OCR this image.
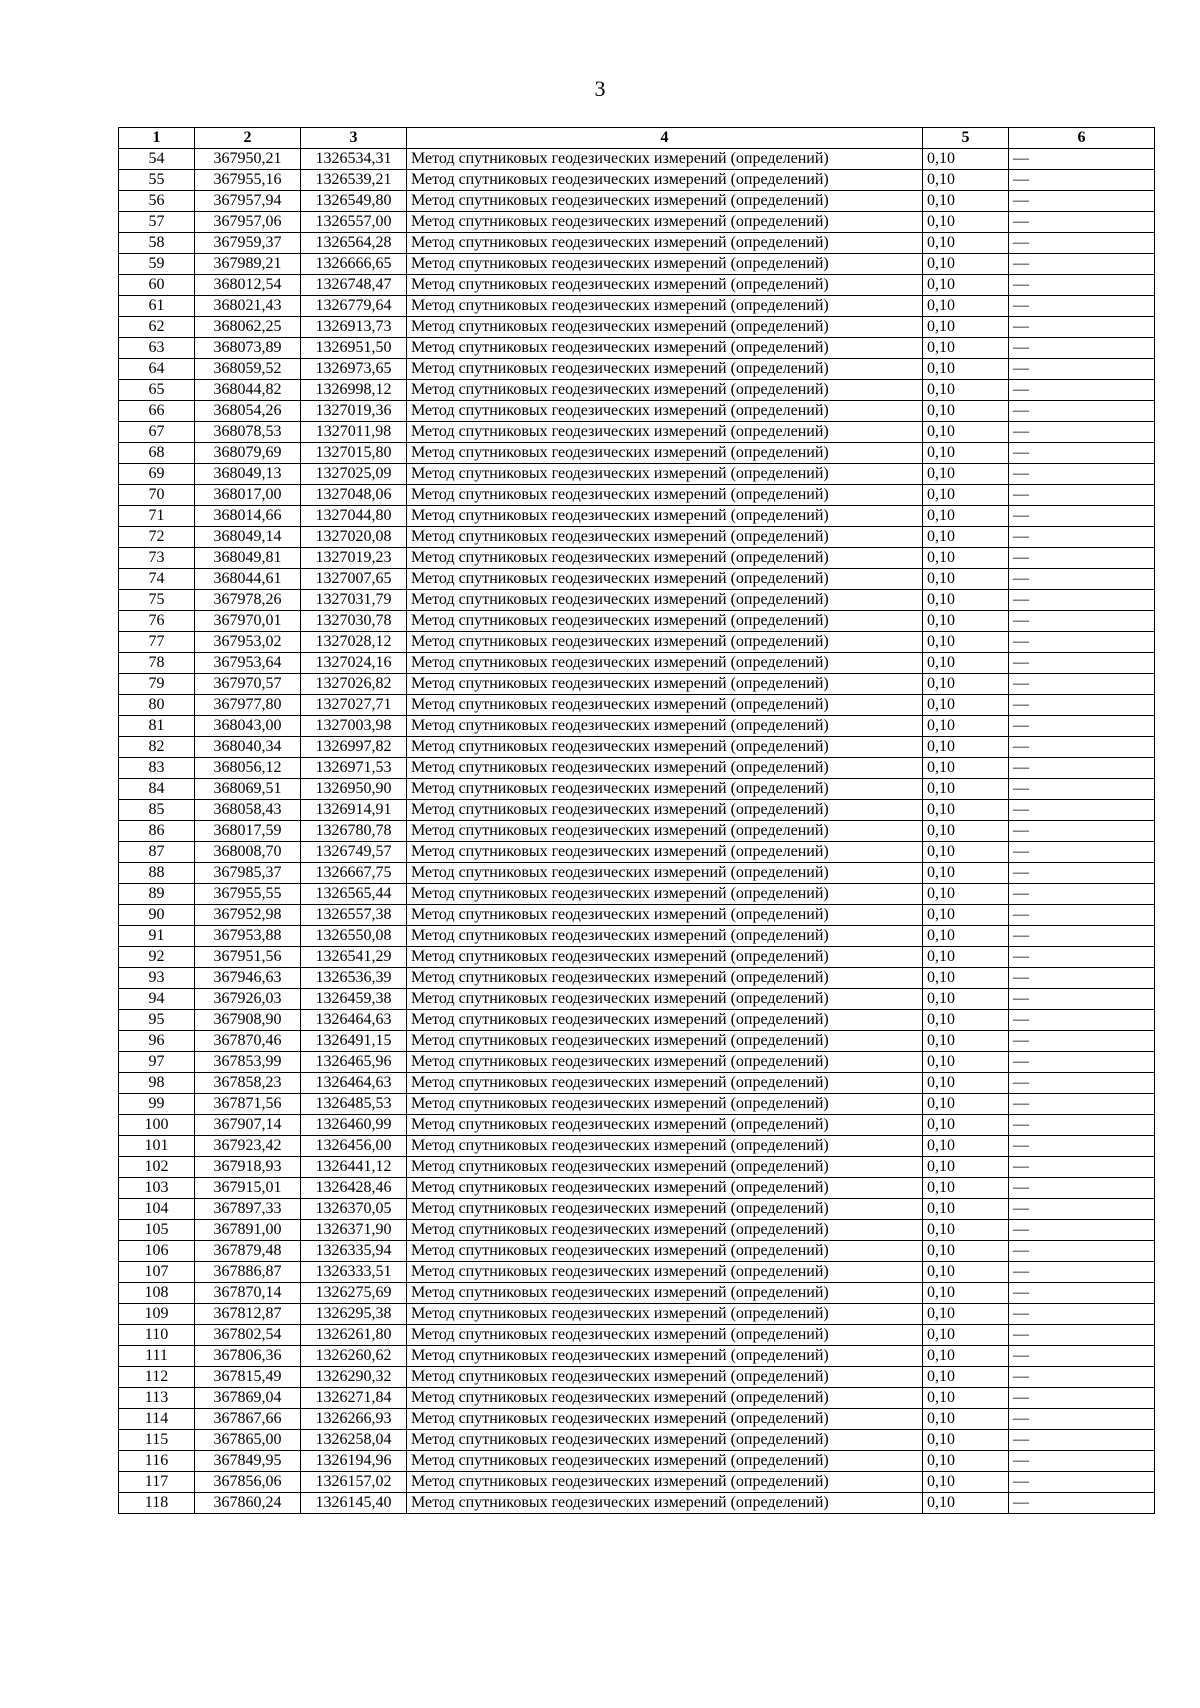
3
1	2	3	4	5	6
54	367950,21	1326534,31	Метод спутниковых геодезических измерений (определений)	0,10	—
55	367955,16	1326539,21	Метод спутниковых геодезических измерений (определений)	0,10	—
56	367957,94	1326549,80	Метод спутниковых геодезических измерений (определений)	0,10	—
57	367957,06	1326557,00	Метод спутниковых геодезических измерений (определений)	0,10	—
58	367959,37	1326564,28	Метод спутниковых геодезических измерений (определений)	0,10	—
59	367989,21	1326666,65	Метод спутниковых геодезических измерений (определений)	0,10	—
60	368012,54	1326748,47	Метод спутниковых геодезических измерений (определений)	0,10	—
61	368021,43	1326779,64	Метод спутниковых геодезических измерений (определений)	0,10	—
62	368062,25	1326913,73	Метод спутниковых геодезических измерений (определений)	0,10	—
63	368073,89	1326951,50	Метод спутниковых геодезических измерений (определений)	0,10	—
64	368059,52	1326973,65	Метод спутниковых геодезических измерений (определений)	0,10	—
65	368044,82	1326998,12	Метод спутниковых геодезических измерений (определений)	0,10	—
66	368054,26	1327019,36	Метод спутниковых геодезических измерений (определений)	0,10	—
67	368078,53	1327011,98	Метод спутниковых геодезических измерений (определений)	0,10	—
68	368079,69	1327015,80	Метод спутниковых геодезических измерений (определений)	0,10	—
69	368049,13	1327025,09	Метод спутниковых геодезических измерений (определений)	0,10	—
70	368017,00	1327048,06	Метод спутниковых геодезических измерений (определений)	0,10	—
71	368014,66	1327044,80	Метод спутниковых геодезических измерений (определений)	0,10	—
72	368049,14	1327020,08	Метод спутниковых геодезических измерений (определений)	0,10	—
73	368049,81	1327019,23	Метод спутниковых геодезических измерений (определений)	0,10	—
74	368044,61	1327007,65	Метод спутниковых геодезических измерений (определений)	0,10	—
75	367978,26	1327031,79	Метод спутниковых геодезических измерений (определений)	0,10	—
76	367970,01	1327030,78	Метод спутниковых геодезических измерений (определений)	0,10	—
77	367953,02	1327028,12	Метод спутниковых геодезических измерений (определений)	0,10	—
78	367953,64	1327024,16	Метод спутниковых геодезических измерений (определений)	0,10	—
79	367970,57	1327026,82	Метод спутниковых геодезических измерений (определений)	0,10	—
80	367977,80	1327027,71	Метод спутниковых геодезических измерений (определений)	0,10	—
81	368043,00	1327003,98	Метод спутниковых геодезических измерений (определений)	0,10	—
82	368040,34	1326997,82	Метод спутниковых геодезических измерений (определений)	0,10	—
83	368056,12	1326971,53	Метод спутниковых геодезических измерений (определений)	0,10	—
84	368069,51	1326950,90	Метод спутниковых геодезических измерений (определений)	0,10	—
85	368058,43	1326914,91	Метод спутниковых геодезических измерений (определений)	0,10	—
86	368017,59	1326780,78	Метод спутниковых геодезических измерений (определений)	0,10	—
87	368008,70	1326749,57	Метод спутниковых геодезических измерений (определений)	0,10	—
88	367985,37	1326667,75	Метод спутниковых геодезических измерений (определений)	0,10	—
89	367955,55	1326565,44	Метод спутниковых геодезических измерений (определений)	0,10	—
90	367952,98	1326557,38	Метод спутниковых геодезических измерений (определений)	0,10	—
91	367953,88	1326550,08	Метод спутниковых геодезических измерений (определений)	0,10	—
92	367951,56	1326541,29	Метод спутниковых геодезических измерений (определений)	0,10	—
93	367946,63	1326536,39	Метод спутниковых геодезических измерений (определений)	0,10	—
94	367926,03	1326459,38	Метод спутниковых геодезических измерений (определений)	0,10	—
95	367908,90	1326464,63	Метод спутниковых геодезических измерений (определений)	0,10	—
96	367870,46	1326491,15	Метод спутниковых геодезических измерений (определений)	0,10	—
97	367853,99	1326465,96	Метод спутниковых геодезических измерений (определений)	0,10	—
98	367858,23	1326464,63	Метод спутниковых геодезических измерений (определений)	0,10	—
99	367871,56	1326485,53	Метод спутниковых геодезических измерений (определений)	0,10	—
100	367907,14	1326460,99	Метод спутниковых геодезических измерений (определений)	0,10	—
101	367923,42	1326456,00	Метод спутниковых геодезических измерений (определений)	0,10	—
102	367918,93	1326441,12	Метод спутниковых геодезических измерений (определений)	0,10	—
103	367915,01	1326428,46	Метод спутниковых геодезических измерений (определений)	0,10	—
104	367897,33	1326370,05	Метод спутниковых геодезических измерений (определений)	0,10	—
105	367891,00	1326371,90	Метод спутниковых геодезических измерений (определений)	0,10	—
106	367879,48	1326335,94	Метод спутниковых геодезических измерений (определений)	0,10	—
107	367886,87	1326333,51	Метод спутниковых геодезических измерений (определений)	0,10	—
108	367870,14	1326275,69	Метод спутниковых геодезических измерений (определений)	0,10	—
109	367812,87	1326295,38	Метод спутниковых геодезических измерений (определений)	0,10	—
110	367802,54	1326261,80	Метод спутниковых геодезических измерений (определений)	0,10	—
111	367806,36	1326260,62	Метод спутниковых геодезических измерений (определений)	0,10	—
112	367815,49	1326290,32	Метод спутниковых геодезических измерений (определений)	0,10	—
113	367869,04	1326271,84	Метод спутниковых геодезических измерений (определений)	0,10	—
114	367867,66	1326266,93	Метод спутниковых геодезических измерений (определений)	0,10	—
115	367865,00	1326258,04	Метод спутниковых геодезических измерений (определений)	0,10	—
116	367849,95	1326194,96	Метод спутниковых геодезических измерений (определений)	0,10	—
117	367856,06	1326157,02	Метод спутниковых геодезических измерений (определений)	0,10	—
118	367860,24	1326145,40	Метод спутниковых геодезических измерений (определений)	0,10	—
